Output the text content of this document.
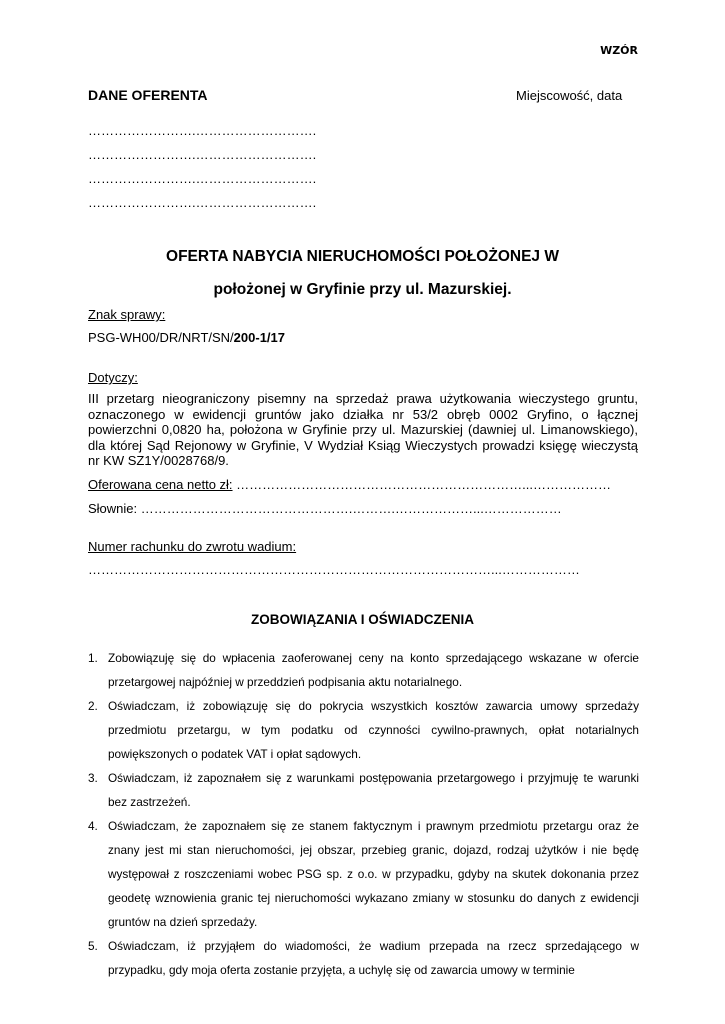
WZÓR
DANE OFERENTA	Miejscowość, data
…………………….……………………….
…………………….……………………….
…………………….……………………….
…………………….……………………….
OFERTA NABYCIA NIERUCHOMOŚCI POŁOŻONEJ W
położonej w Gryfinie przy ul. Mazurskiej.
Znak sprawy:
PSG-WH00/DR/NRT/SN/200-1/17
Dotyczy:
III przetarg nieograniczony pisemny na sprzedaż prawa użytkowania wieczystego gruntu, oznaczonego w ewidencji gruntów jako działka nr 53/2 obręb 0002 Gryfino, o łącznej powierzchni 0,0820 ha, położona w Gryfinie przy ul. Mazurskiej (dawniej ul. Limanowskiego), dla której Sąd Rejonowy w Gryfinie, V Wydział Ksiąg Wieczystych prowadzi księgę wieczystą nr KW SZ1Y/0028768/9.
Oferowana cena netto zł: …………………………………………………………...………………
Słownie: ………………………………………….……….………………...………………
Numer rachunku do zwrotu wadium:
…………………………………………………………………………………...………………
ZOBOWIĄZANIA I OŚWIADCZENIA
1. Zobowiązuję się do wpłacenia zaoferowanej ceny na konto sprzedającego wskazane w ofercie przetargowej najpóźniej w przeddzień podpisania aktu notarialnego.
2. Oświadczam, iż zobowiązuję się do pokrycia wszystkich kosztów zawarcia umowy sprzedaży przedmiotu przetargu, w tym podatku od czynności cywilno-prawnych, opłat notarialnych powiększonych o podatek VAT i opłat sądowych.
3. Oświadczam, iż zapoznałem się z warunkami postępowania przetargowego i przyjmuję te warunki bez zastrzeżeń.
4. Oświadczam, że zapoznałem się ze stanem faktycznym i prawnym przedmiotu przetargu oraz że znany jest mi stan nieruchomości, jej obszar, przebieg granic, dojazd, rodzaj użytków i nie będę występował z roszczeniami wobec PSG sp. z o.o. w przypadku, gdyby na skutek dokonania przez geodetę wznowienia granic tej nieruchomości wykazano zmiany w stosunku do danych z ewidencji gruntów na dzień sprzedaży.
5. Oświadczam, iż przyjąłem do wiadomości, że wadium przepada na rzecz sprzedającego w przypadku, gdy moja oferta zostanie przyjęta, a uchylę się od zawarcia umowy w terminie
